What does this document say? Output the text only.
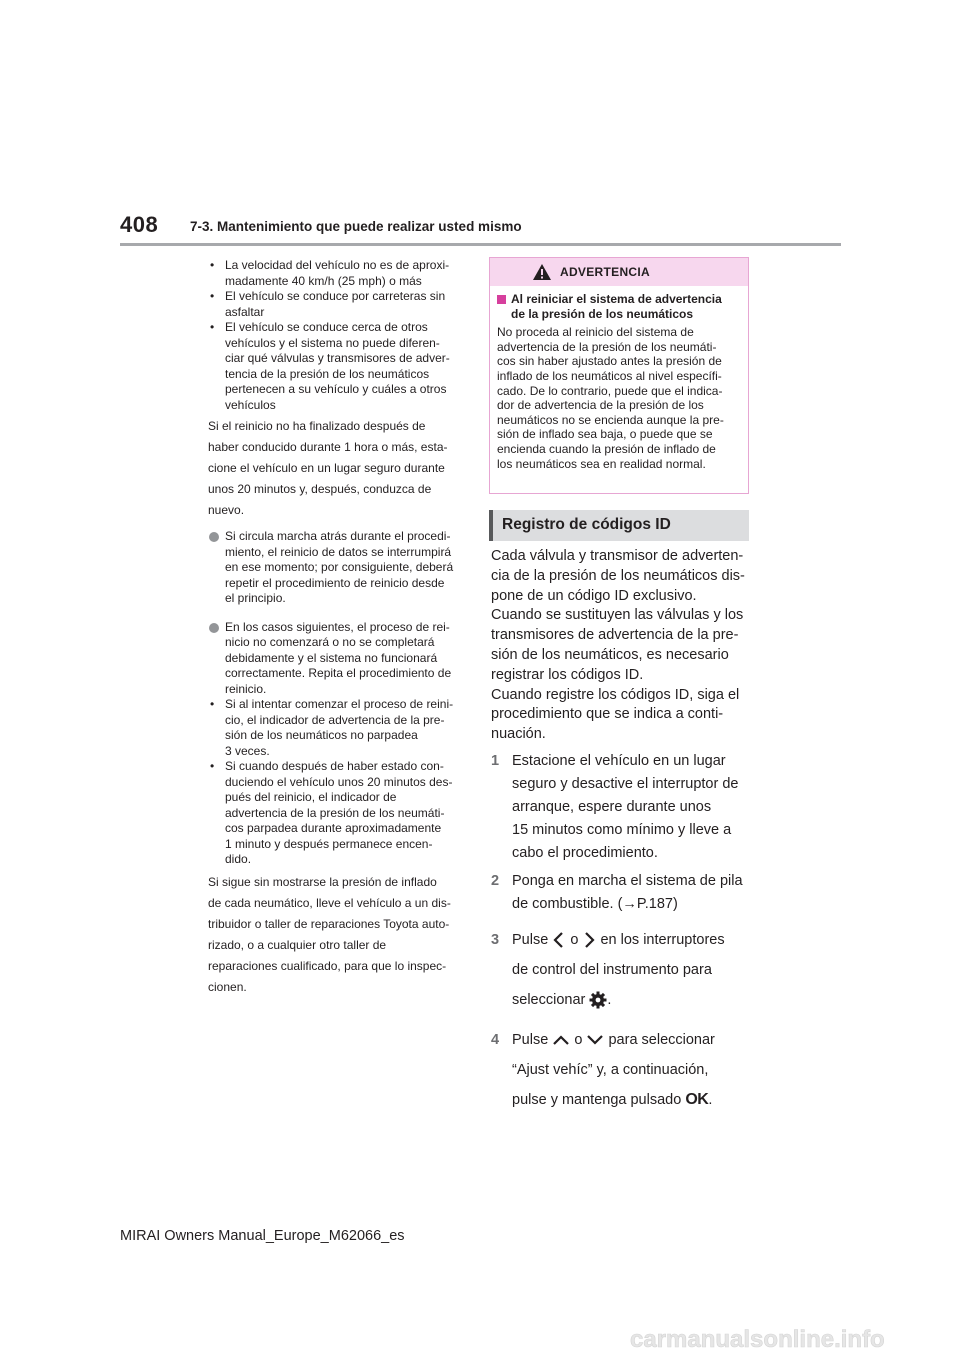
408 7-3. Mantenimiento que puede realizar usted mismo
• La velocidad del vehículo no es de aproxi-
madamente 40 km/h (25 mph) o más
• El vehículo se conduce por carreteras sin
asfaltar
• El vehículo se conduce cerca de otros
vehículos y el sistema no puede diferen-
ciar qué válvulas y transmisores de adver-
tencia de la presión de los neumáticos
pertenecen a su vehículo y cuáles a otros
vehículos
Si el reinicio no ha finalizado después de
haber conducido durante 1 hora o más, esta-
cione el vehículo en un lugar seguro durante
unos 20 minutos y, después, conduzca de
nuevo.
Si circula marcha atrás durante el procedi-
miento, el reinicio de datos se interrumpirá
en ese momento; por consiguiente, deberá
repetir el procedimiento de reinicio desde
el principio.
En los casos siguientes, el proceso de rei-
nicio no comenzará o no se completará
debidamente y el sistema no funcionará
correctamente. Repita el procedimiento de
reinicio.
• Si al intentar comenzar el proceso de reini-
cio, el indicador de advertencia de la pre-
sión de los neumáticos no parpadea
3 veces.
• Si cuando después de haber estado con-
duciendo el vehículo unos 20 minutos des-
pués del reinicio, el indicador de
advertencia de la presión de los neumáti-
cos parpadea durante aproximadamente
1 minuto y después permanece encen-
dido.
Si sigue sin mostrarse la presión de inflado
de cada neumático, lleve el vehículo a un dis-
tribuidor o taller de reparaciones Toyota auto-
rizado, o a cualquier otro taller de
reparaciones cualificado, para que lo inspec-
cionen.
ADVERTENCIA
Al reiniciar el sistema de advertencia
de la presión de los neumáticos
No proceda al reinicio del sistema de
advertencia de la presión de los neumáti-
cos sin haber ajustado antes la presión de
inflado de los neumáticos al nivel específi-
cado. De lo contrario, puede que el indica-
dor de advertencia de la presión de los
neumáticos no se encienda aunque la pre-
sión de inflado sea baja, o puede que se
encienda cuando la presión de inflado de
los neumáticos sea en realidad normal.
Registro de códigos ID
Cada válvula y transmisor de adverten-
cia de la presión de los neumáticos dis-
pone de un código ID exclusivo.
Cuando se sustituyen las válvulas y los
transmisores de advertencia de la pre-
sión de los neumáticos, es necesario
registrar los códigos ID.
Cuando registre los códigos ID, siga el
procedimiento que se indica a conti-
nuación.
1 Estacione el vehículo en un lugar
seguro y desactive el interruptor de
arranque, espere durante unos
15 minutos como mínimo y lleve a
cabo el procedimiento.
2 Ponga en marcha el sistema de pila
de combustible. (→P.187)
3 Pulse o en los interruptores
de control del instrumento para
seleccionar .
4 Pulse o para seleccionar
“Ajust vehíc” y, a continuación,
pulse y mantenga pulsado OK.
MIRAI Owners Manual_Europe_M62066_es
carmanualsonline.info
